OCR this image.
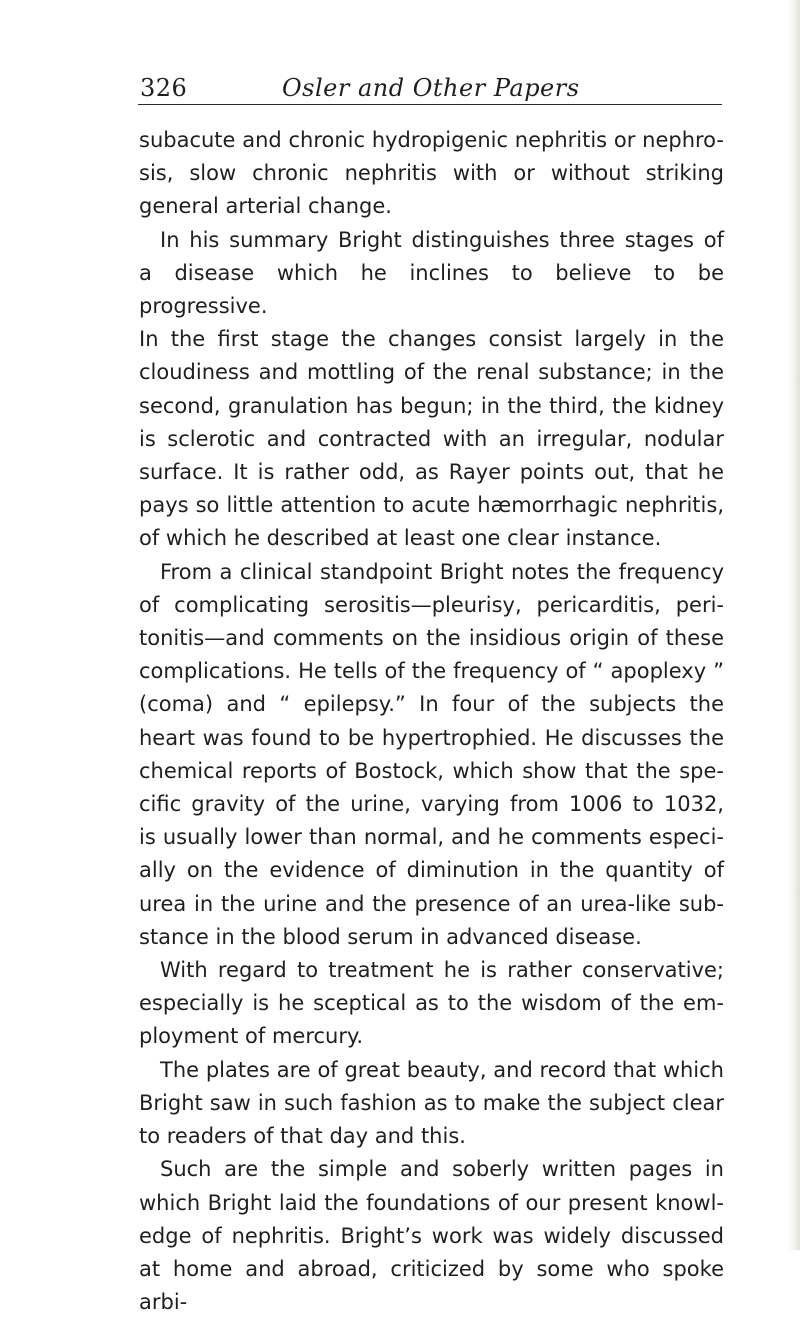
326	Osler and Other Papers
subacute and chronic hydropigenic nephritis or nephro-
sis, slow chronic nephritis with or without striking
general arterial change.
In his summary Bright distinguishes three stages of
a disease which he inclines to believe to be progressive.
In the first stage the changes consist largely in the
cloudiness and mottling of the renal substance; in the
second, granulation has begun; in the third, the kidney
is sclerotic and contracted with an irregular, nodular
surface. It is rather odd, as Rayer points out, that he
pays so little attention to acute hæmorrhagic nephritis,
of which he described at least one clear instance.
From a clinical standpoint Bright notes the frequency
of complicating serositis—pleurisy, pericarditis, peri-
tonitis—and comments on the insidious origin of these
complications. He tells of the frequency of “ apoplexy ”
(coma) and “ epilepsy.” In four of the subjects the
heart was found to be hypertrophied. He discusses the
chemical reports of Bostock, which show that the spe-
cific gravity of the urine, varying from 1006 to 1032,
is usually lower than normal, and he comments especi-
ally on the evidence of diminution in the quantity of
urea in the urine and the presence of an urea-like sub-
stance in the blood serum in advanced disease.
With regard to treatment he is rather conservative;
especially is he sceptical as to the wisdom of the em-
ployment of mercury.
The plates are of great beauty, and record that which
Bright saw in such fashion as to make the subject clear
to readers of that day and this.
Such are the simple and soberly written pages in
which Bright laid the foundations of our present knowl-
edge of nephritis. Bright’s work was widely discussed
at home and abroad, criticized by some who spoke arbi-
